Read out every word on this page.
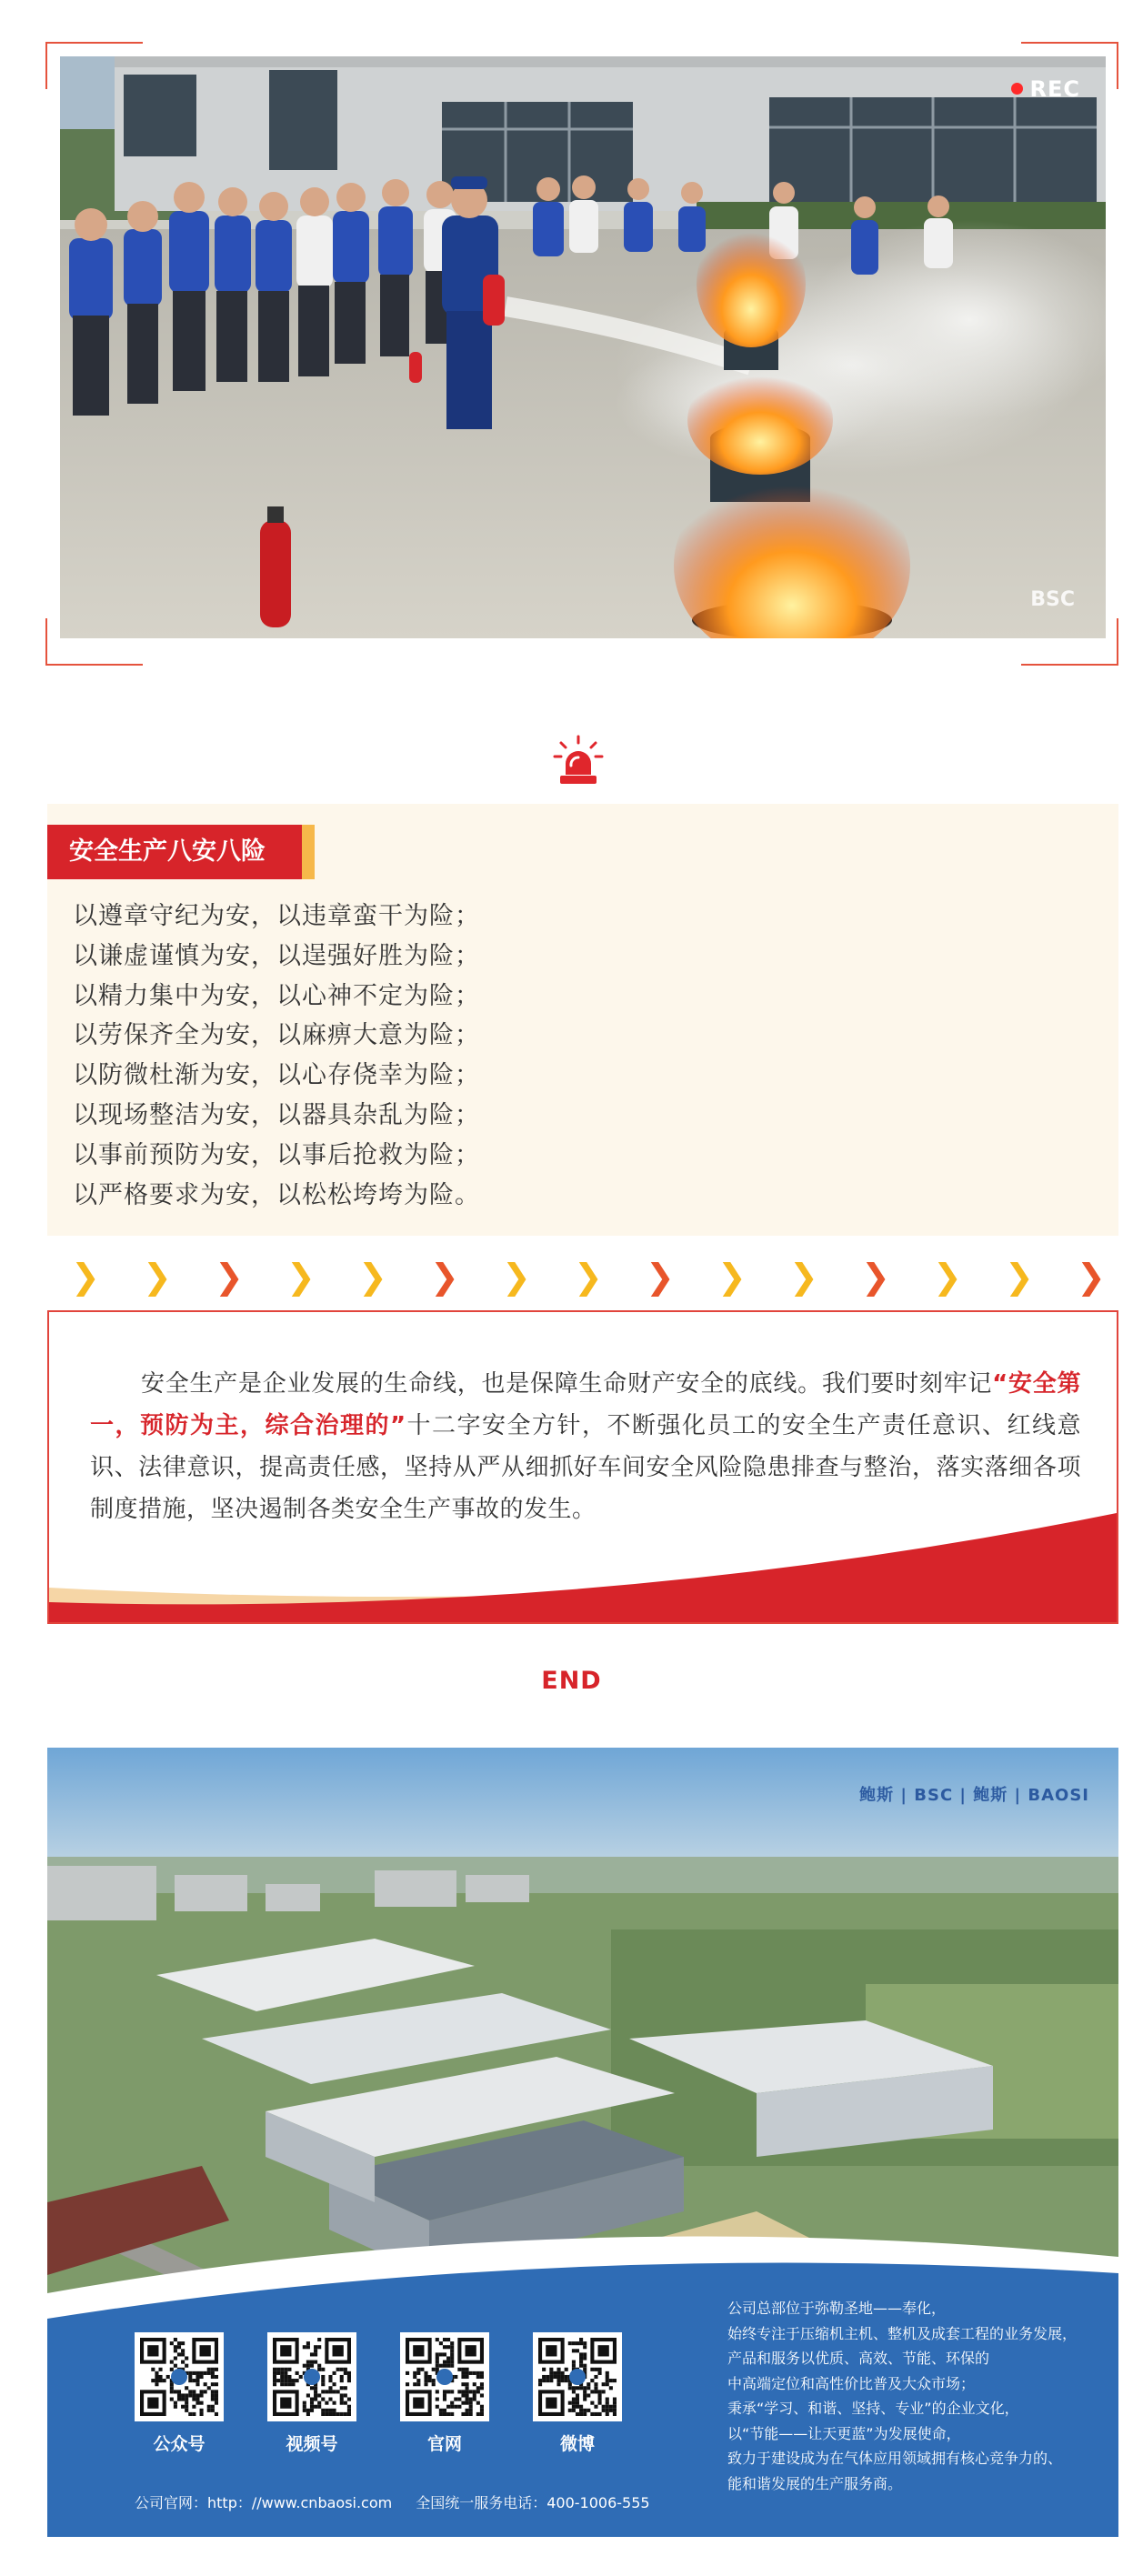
REC
BSC
安全生产八安八险
以遵章守纪为安，以违章蛮干为险；
以谦虚谨慎为安，以逞强好胜为险；
以精力集中为安，以心神不定为险；
以劳保齐全为安，以麻痹大意为险；
以防微杜渐为安，以心存侥幸为险；
以现场整洁为安，以器具杂乱为险；
以事前预防为安，以事后抢救为险；
以严格要求为安，以松松垮垮为险。
❯ ❯ ❯ ❯ ❯ ❯ ❯ ❯ ❯ ❯ ❯ ❯ ❯ ❯ ❯

安全生产是企业发展的生命线，也是保障生命财产安全的底线。我们要时刻牢记“安全第一，预防为主，综合治理的”十二字安全方针，不断强化员工的安全生产责任意识、红线意识、法律意识，提高责任感，坚持从严从细抓好车间安全风险隐患排查与整治，落实落细各项制度措施，坚决遏制各类安全生产事故的发生。

END
鲍斯 | BSC | 鲍斯 | BAOSI
公众号	视频号	官网	微博
公司官网：http：//www.cnbaosi.com 全国统一服务电话：400-1006-555
公司总部位于弥勒圣地——奉化，
始终专注于压缩机主机、整机及成套工程的业务发展，
产品和服务以优质、高效、节能、环保的
中高端定位和高性价比普及大众市场；
秉承“学习、和谐、坚持、专业”的企业文化，
以“节能——让天更蓝”为发展使命，
致力于建设成为在气体应用领域拥有核心竞争力的、
能和谐发展的生产服务商。
